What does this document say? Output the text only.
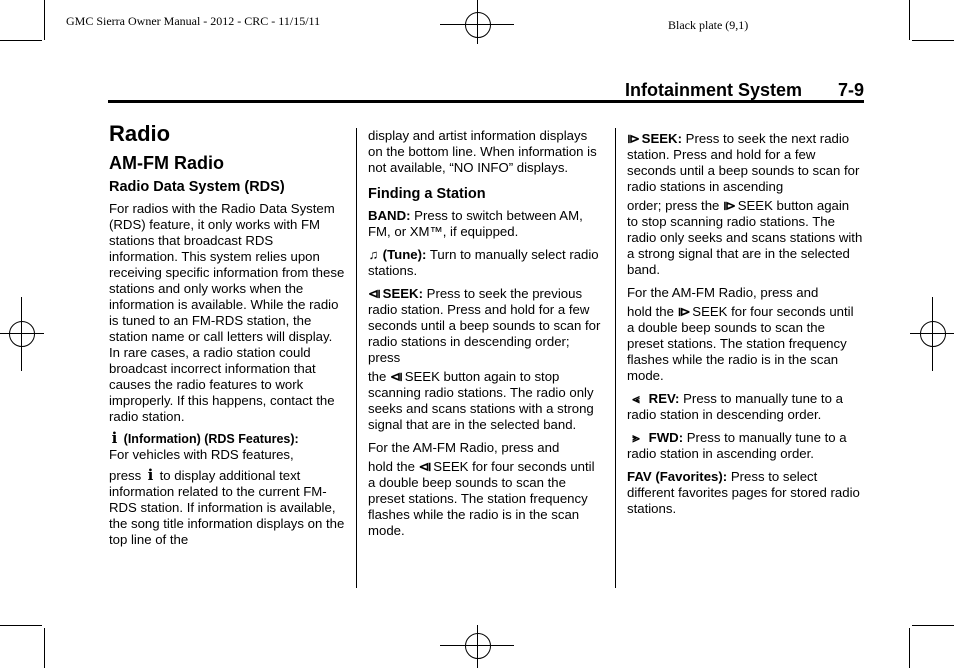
GMC Sierra Owner Manual - 2012 - CRC - 11/15/11	Black plate (9,1)
Infotainment System 7-9
Radio
AM-FM Radio
Radio Data System (RDS)

For radios with the Radio Data System (RDS) feature, it only works with FM stations that broadcast RDS information. This system relies upon receiving specific information from these stations and only works when the information is available. While the radio is tuned to an FM-RDS station, the station name or call letters will display. In rare cases, a radio station could broadcast incorrect information that causes the radio features to work improperly. If this happens, contact the radio station.

i (Information) (RDS Features):
For vehicles with RDS features,
press i to display additional text information related to the current FM-RDS station. If information is available, the song title information displays on the top line of the

display and artist information displays on the bottom line. When information is not available, “NO INFO” displays.

Finding a Station

BAND: Press to switch between AM, FM, or XM™, if equipped.

♫ (Tune): Turn to manually select radio stations.

⧏ SEEK: Press to seek the previous radio station. Press and hold for a few seconds until a beep sounds to scan for radio stations in descending order; press
the ⧏ SEEK button again to stop scanning radio stations. The radio only seeks and scans stations with a strong signal that are in the selected band.

For the AM-FM Radio, press and
hold the ⧏ SEEK for four seconds until a double beep sounds to scan the preset stations. The station frequency flashes while the radio is in the scan mode.

⧐ SEEK: Press to seek the next radio station. Press and hold for a few seconds until a beep sounds to scan for radio stations in ascending
order; press the ⧐ SEEK button again to stop scanning radio stations. The radio only seeks and scans stations with a strong signal that are in the selected band.

For the AM-FM Radio, press and
hold the ⧐ SEEK for four seconds until a double beep sounds to scan the preset stations. The station frequency flashes while the radio is in the scan mode.

⪡ REV: Press to manually tune to a radio station in descending order.

⪢ FWD: Press to manually tune to a radio station in ascending order.

FAV (Favorites): Press to select different favorites pages for stored radio stations.
